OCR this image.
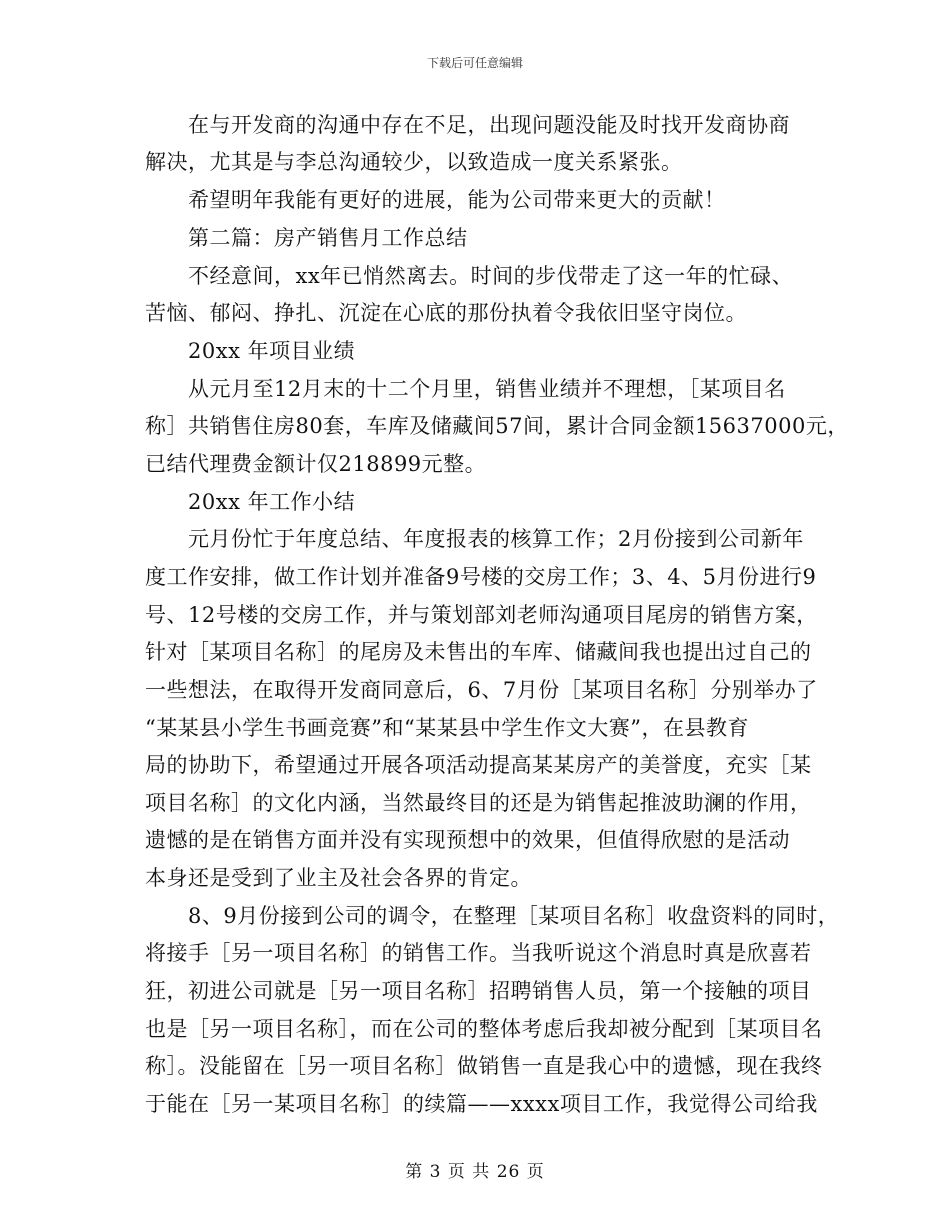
下载后可任意编辑
在与开发商的沟通中存在不足，出现问题没能及时找开发商协商
解决，尤其是与李总沟通较少，以致造成一度关系紧张。
希望明年我能有更好的进展，能为公司带来更大的贡献！
第二篇：房产销售月工作总结
不经意间，xx年已悄然离去。时间的步伐带走了这一年的忙碌、
苦恼、郁闷、挣扎、沉淀在心底的那份执着令我依旧坚守岗位。
20xx 年项目业绩
从元月至12月末的十二个月里，销售业绩并不理想，［某项目名
称］共销售住房80套，车库及储藏间57间，累计合同金额15637000元，
已结代理费金额计仅218899元整。
20xx 年工作小结
元月份忙于年度总结、年度报表的核算工作；2月份接到公司新年
度工作安排，做工作计划并准备9号楼的交房工作；3、4、5月份进行9
号、12号楼的交房工作，并与策划部刘老师沟通项目尾房的销售方案，
针对［某项目名称］的尾房及未售出的车库、储藏间我也提出过自己的
一些想法，在取得开发商同意后，6、7月份［某项目名称］分别举办了
“某某县小学生书画竞赛”和“某某县中学生作文大赛”，在县教育
局的协助下，希望通过开展各项活动提高某某房产的美誉度，充实［某
项目名称］的文化内涵，当然最终目的还是为销售起推波助澜的作用，
遗憾的是在销售方面并没有实现预想中的效果，但值得欣慰的是活动
本身还是受到了业主及社会各界的肯定。
8、9月份接到公司的调令，在整理［某项目名称］收盘资料的同时，
将接手［另一项目名称］的销售工作。当我听说这个消息时真是欣喜若
狂，初进公司就是［另一项目名称］招聘销售人员，第一个接触的项目
也是［另一项目名称］，而在公司的整体考虑后我却被分配到［某项目名
称］。没能留在［另一项目名称］做销售一直是我心中的遗憾，现在我终
于能在［另一某项目名称］的续篇——xxxx项目工作，我觉得公司给我
第 3 页 共 26 页
